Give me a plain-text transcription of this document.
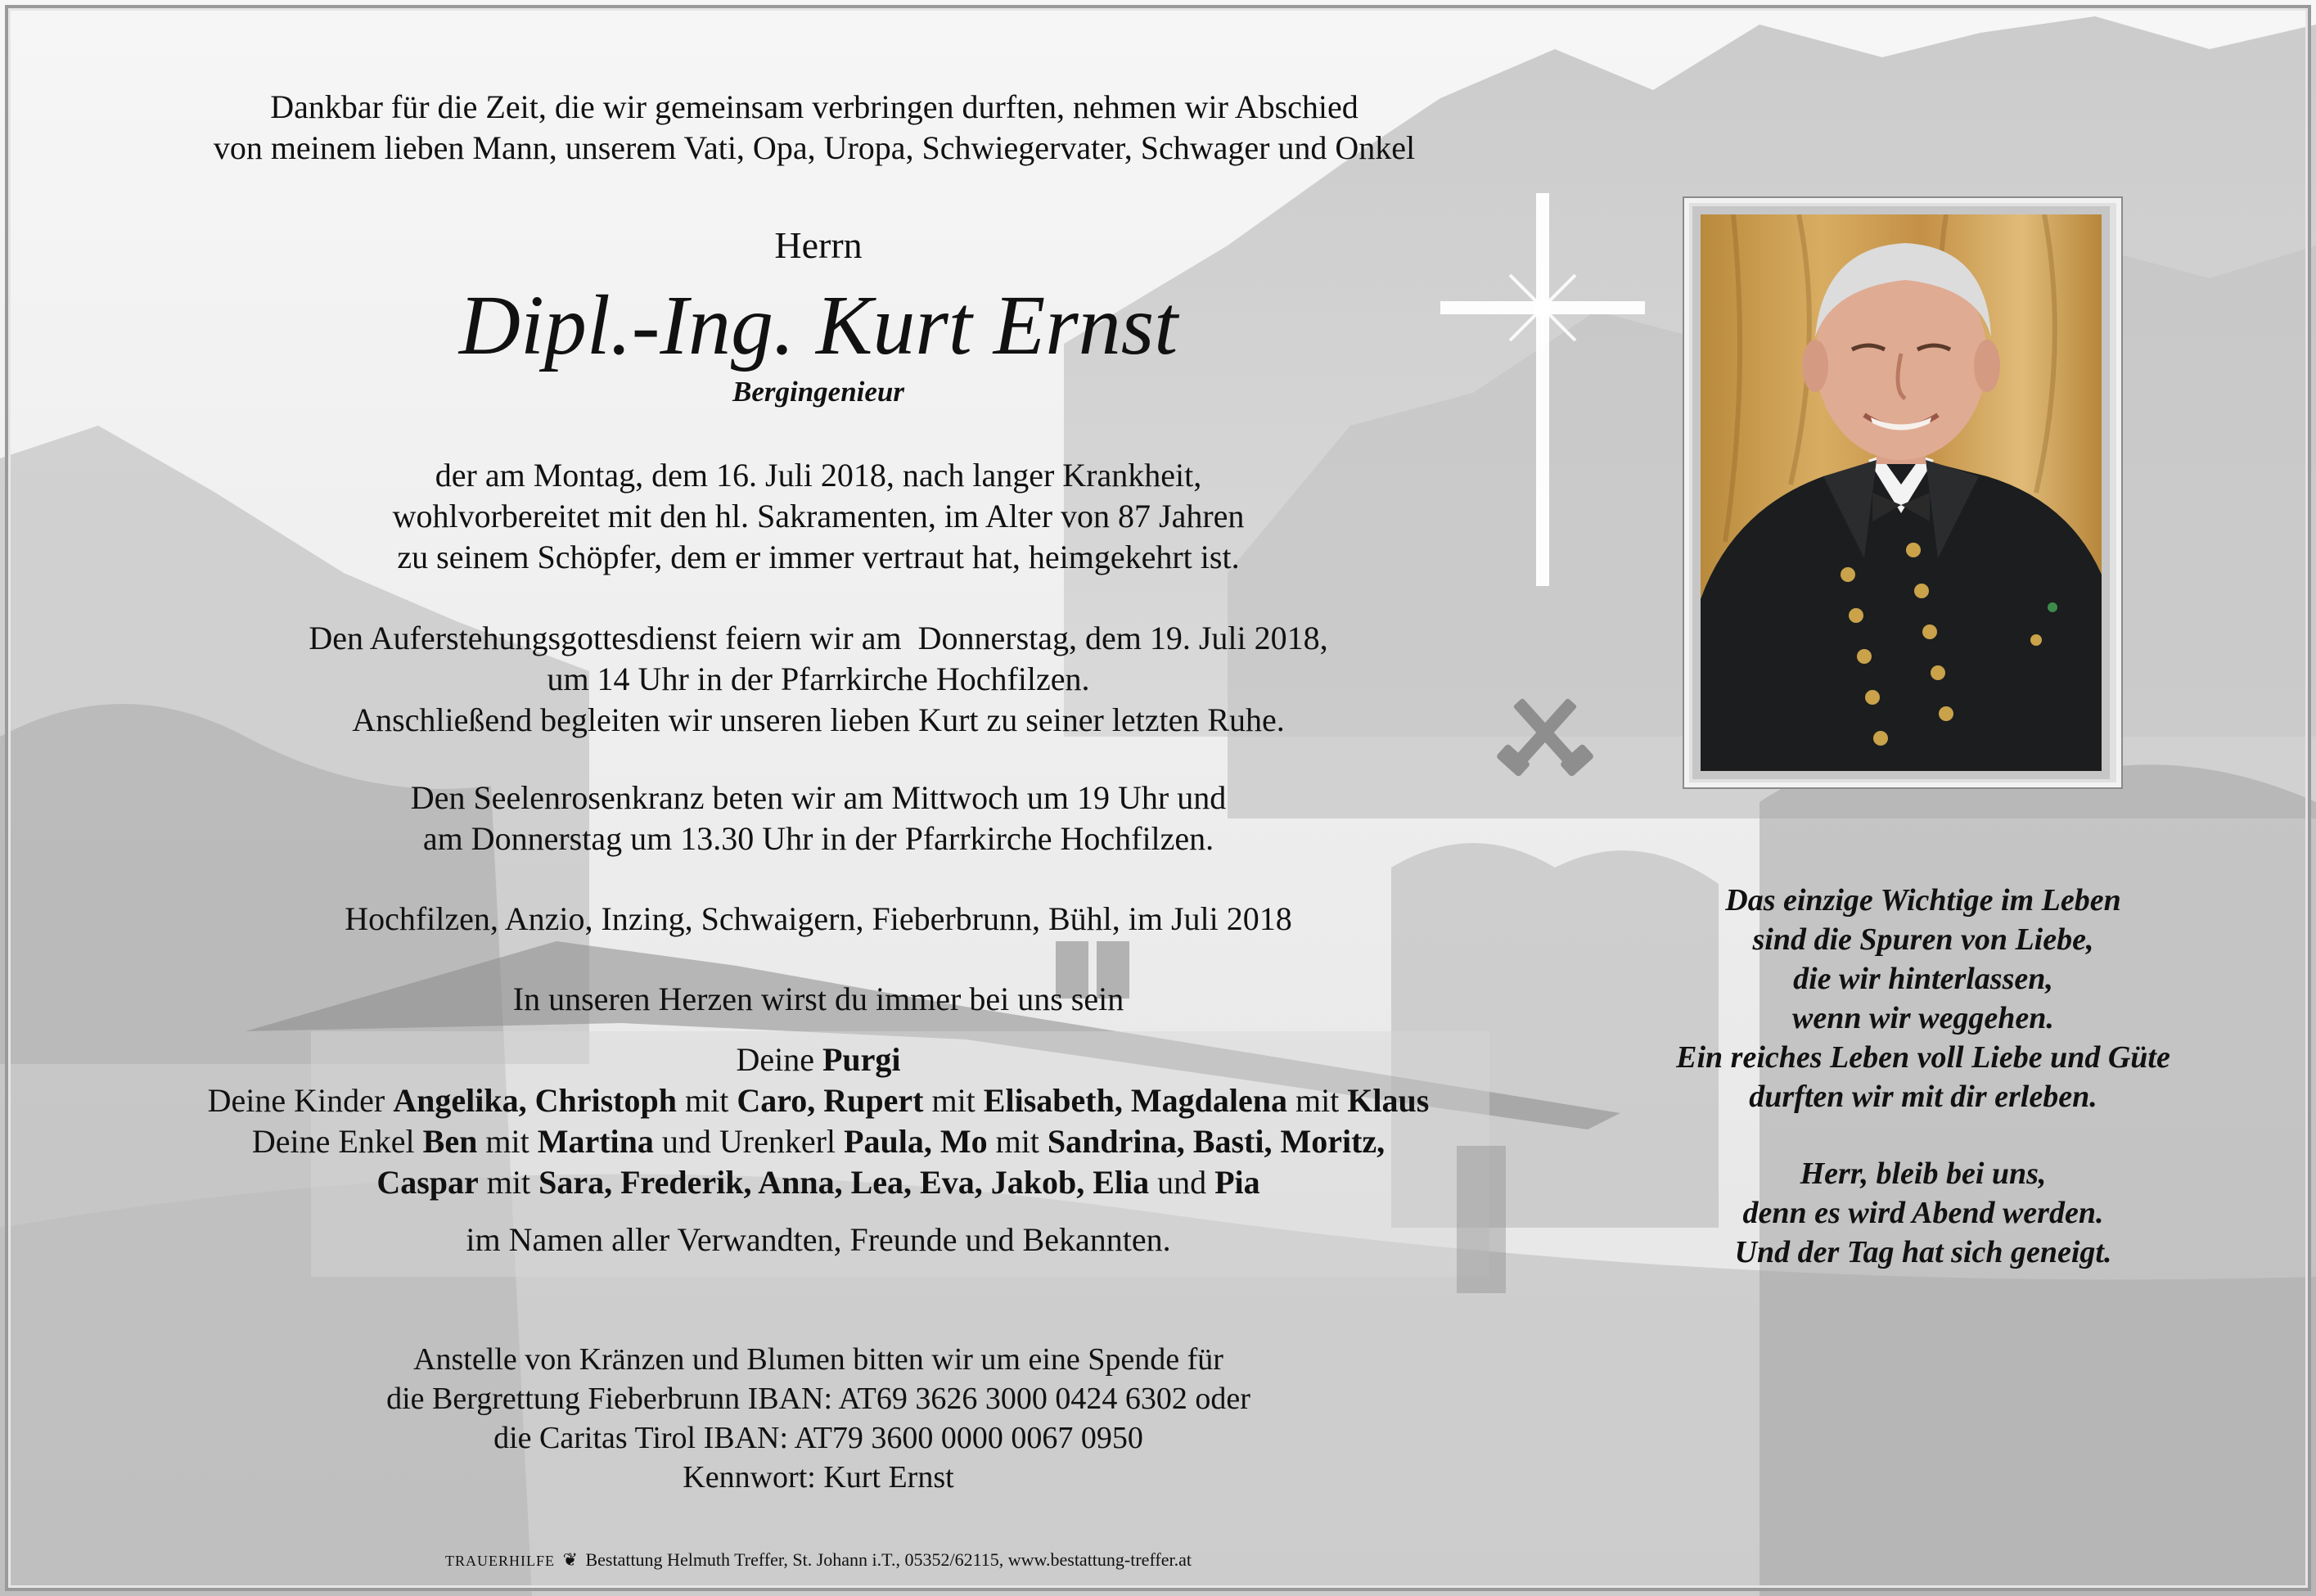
Dankbar für die Zeit, die wir gemeinsam verbringen durften, nehmen wir Abschied
von meinem lieben Mann, unserem Vati, Opa, Uropa, Schwiegervater, Schwager und Onkel
Herrn
Dipl.-Ing. Kurt Ernst
Bergingenieur
der am Montag, dem 16. Juli 2018, nach langer Krankheit,
wohlvorbereitet mit den hl. Sakramenten, im Alter von 87 Jahren
zu seinem Schöpfer, dem er immer vertraut hat, heimgekehrt ist.
Den Auferstehungsgottesdienst feiern wir am  Donnerstag, dem 19. Juli 2018,
um 14 Uhr in der Pfarrkirche Hochfilzen.
Anschließend begleiten wir unseren lieben Kurt zu seiner letzten Ruhe.
Den Seelenrosenkranz beten wir am Mittwoch um 19 Uhr und
am Donnerstag um 13.30 Uhr in der Pfarrkirche Hochfilzen.
Hochfilzen, Anzio, Inzing, Schwaigern, Fieberbrunn, Bühl, im Juli 2018
In unseren Herzen wirst du immer bei uns sein
Deine Purgi
Deine Kinder Angelika, Christoph mit Caro, Rupert mit Elisabeth, Magdalena mit Klaus
Deine Enkel Ben mit Martina und Urenkerl Paula, Mo mit Sandrina, Basti, Moritz,
Caspar mit Sara, Frederik, Anna, Lea, Eva, Jakob, Elia und Pia
im Namen aller Verwandten, Freunde und Bekannten.
Anstelle von Kränzen und Blumen bitten wir um eine Spende für
die Bergrettung Fieberbrunn IBAN: AT69 3626 3000 0424 6302 oder
die Caritas Tirol IBAN: AT79 3600 0000 0067 0950
Kennwort: Kurt Ernst
Das einzige Wichtige im Leben
sind die Spuren von Liebe,
die wir hinterlassen,
wenn wir weggehen.
Ein reiches Leben voll Liebe und Güte
durften wir mit dir erleben.
Herr, bleib bei uns,
denn es wird Abend werden.
Und der Tag hat sich geneigt.
TRAUERHILFE ❦ Bestattung Helmuth Treffer, St. Johann i.T., 05352/62115, www.bestattung-treffer.at
